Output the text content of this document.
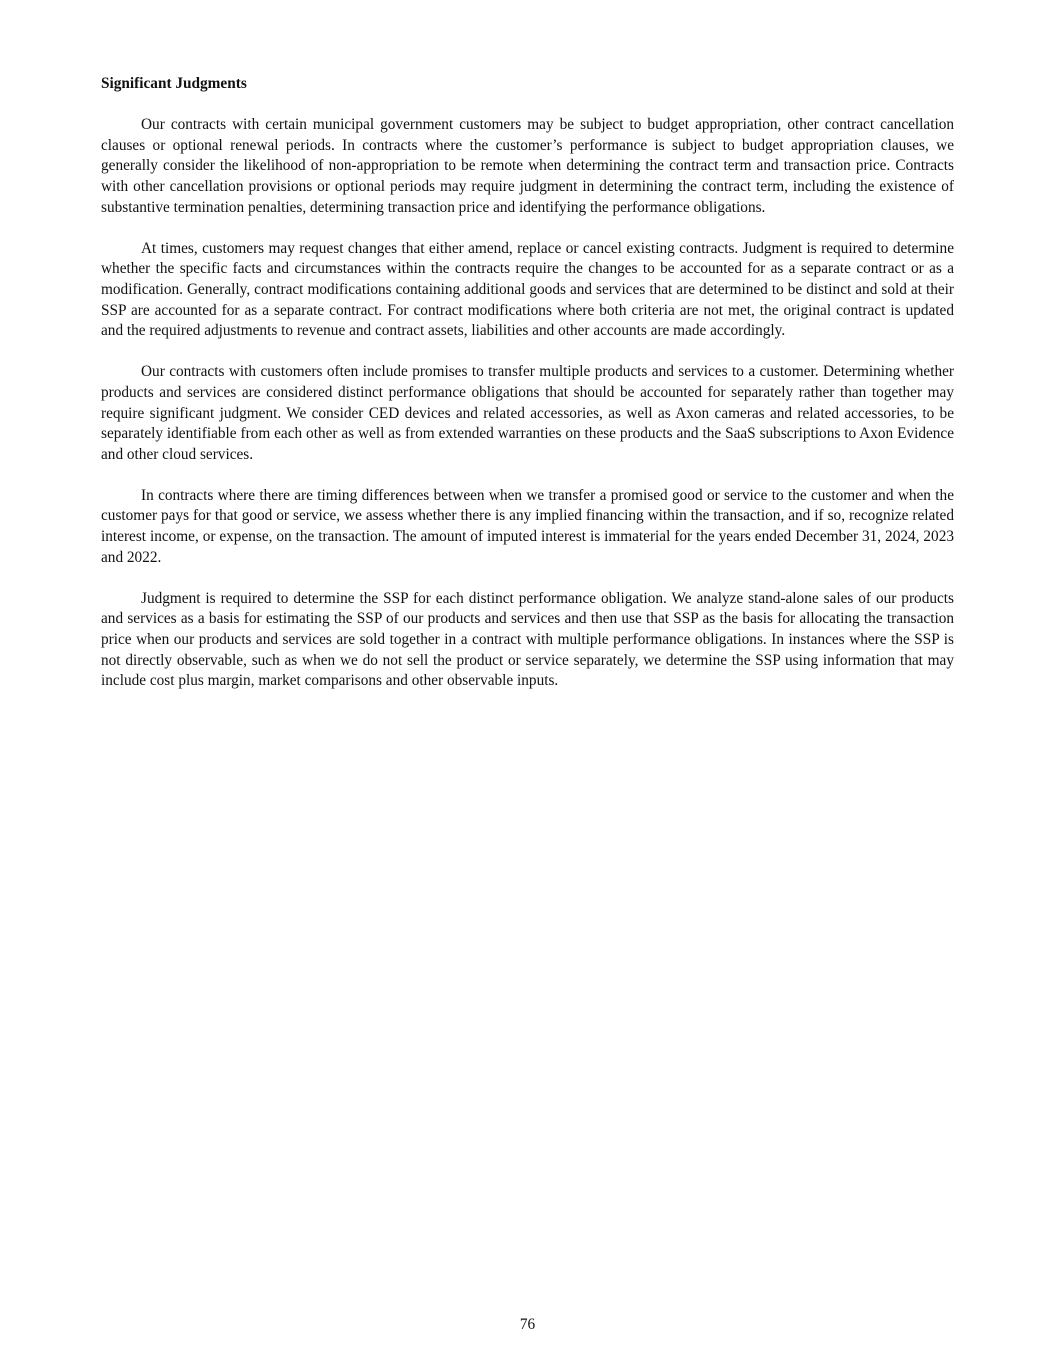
Significant Judgments

Our contracts with certain municipal government customers may be subject to budget appropriation, other contract cancellation clauses or optional renewal periods. In contracts where the customer’s performance is subject to budget appropriation clauses, we generally consider the likelihood of non-appropriation to be remote when determining the contract term and transaction price. Contracts with other cancellation provisions or optional periods may require judgment in determining the contract term, including the existence of substantive termination penalties, determining transaction price and identifying the performance obligations.

At times, customers may request changes that either amend, replace or cancel existing contracts. Judgment is required to determine whether the specific facts and circumstances within the contracts require the changes to be accounted for as a separate contract or as a modification. Generally, contract modifications containing additional goods and services that are determined to be distinct and sold at their SSP are accounted for as a separate contract. For contract modifications where both criteria are not met, the original contract is updated and the required adjustments to revenue and contract assets, liabilities and other accounts are made accordingly.

Our contracts with customers often include promises to transfer multiple products and services to a customer. Determining whether products and services are considered distinct performance obligations that should be accounted for separately rather than together may require significant judgment. We consider CED devices and related accessories, as well as Axon cameras and related accessories, to be separately identifiable from each other as well as from extended warranties on these products and the SaaS subscriptions to Axon Evidence and other cloud services.

In contracts where there are timing differences between when we transfer a promised good or service to the customer and when the customer pays for that good or service, we assess whether there is any implied financing within the transaction, and if so, recognize related interest income, or expense, on the transaction. The amount of imputed interest is immaterial for the years ended December 31, 2024, 2023 and 2022.

Judgment is required to determine the SSP for each distinct performance obligation. We analyze stand-alone sales of our products and services as a basis for estimating the SSP of our products and services and then use that SSP as the basis for allocating the transaction price when our products and services are sold together in a contract with multiple performance obligations. In instances where the SSP is not directly observable, such as when we do not sell the product or service separately, we determine the SSP using information that may include cost plus margin, market comparisons and other observable inputs.

76
